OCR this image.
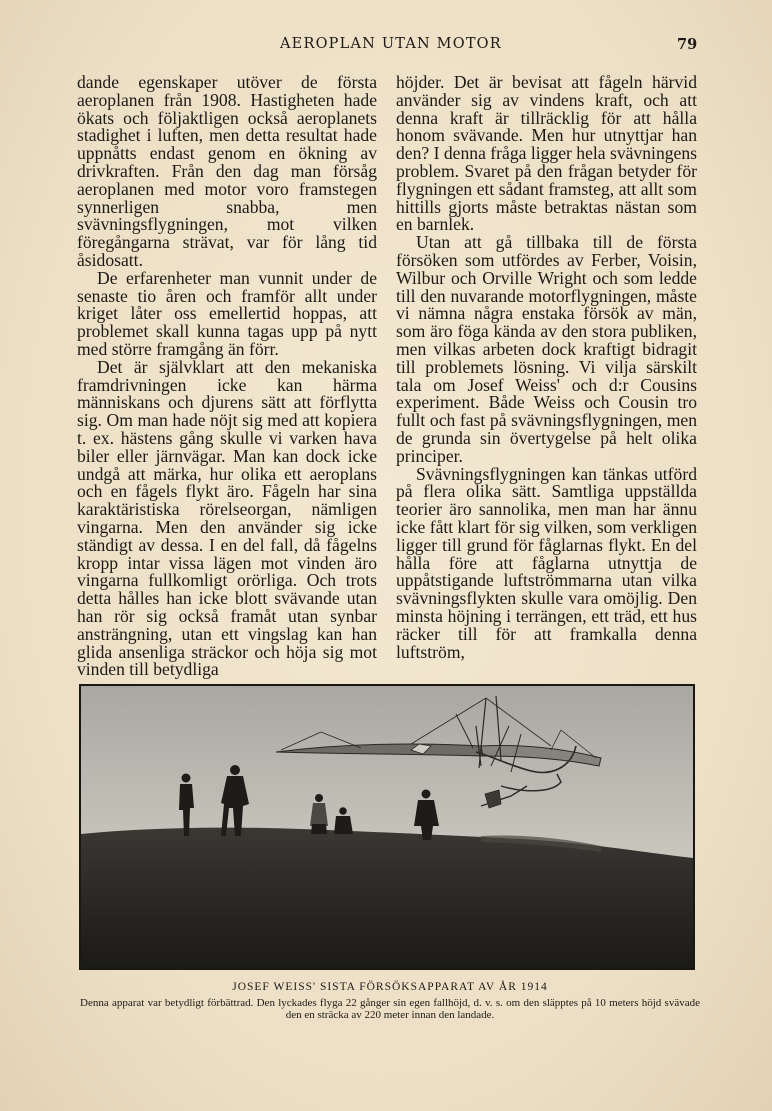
AEROPLAN UTAN MOTOR	79

dande egenskaper utöver de första aeroplanen från 1908. Hastigheten hade ökats och följaktligen också aeroplanets stadighet i luften, men detta resultat hade uppnåtts endast genom en ökning av drivkraften. Från den dag man försåg aeroplanen med motor voro framstegen synnerligen snabba, men svävningsflygningen, mot vilken föregångarna strävat, var för lång tid åsidosatt.

De erfarenheter man vunnit under de senaste tio åren och framför allt under kriget låter oss emellertid hoppas, att problemet skall kunna tagas upp på nytt med större framgång än förr.

Det är självklart att den mekaniska framdrivningen icke kan härma människans och djurens sätt att förflytta sig. Om man hade nöjt sig med att kopiera t. ex. hästens gång skulle vi varken hava biler eller järnvägar. Man kan dock icke undgå att märka, hur olika ett aeroplans och en fågels flykt äro. Fågeln har sina karaktäristiska rörelseorgan, nämligen vingarna. Men den använder sig icke ständigt av dessa. I en del fall, då fågelns kropp intar vissa lägen mot vinden äro vingarna fullkomligt orörliga. Och trots detta hålles han icke blott svävande utan han rör sig också framåt utan synbar ansträngning, utan ett vingslag kan han glida ansenliga sträckor och höja sig mot vinden till betydliga

höjder. Det är bevisat att fågeln härvid använder sig av vindens kraft, och att denna kraft är tillräcklig för att hålla honom svävande. Men hur utnyttjar han den? I denna fråga ligger hela svävningens problem. Svaret på den frågan betyder för flygningen ett sådant framsteg, att allt som hittills gjorts måste betraktas nästan som en barnlek.

Utan att gå tillbaka till de första försöken som utfördes av Ferber, Voisin, Wilbur och Orville Wright och som ledde till den nuvarande motorflygningen, måste vi nämna några enstaka försök av män, som äro föga kända av den stora publiken, men vilkas arbeten dock kraftigt bidragit till problemets lösning. Vi vilja särskilt tala om Josef Weiss' och d:r Cousins experiment. Både Weiss och Cousin tro fullt och fast på svävningsflygningen, men de grunda sin övertygelse på helt olika principer.

Svävningsflygningen kan tänkas utförd på flera olika sätt. Samtliga uppställda teorier äro sannolika, men man har ännu icke fått klart för sig vilken, som verkligen ligger till grund för fåglarnas flykt. En del hålla före att fåglarna utnyttja de uppåtstigande luftströmmarna utan vilka svävningsflykten skulle vara omöjlig. Den minsta höjning i terrängen, ett träd, ett hus räcker till för att framkalla denna luftström,

JOSEF WEISS' SISTA FÖRSÖKSAPPARAT AV ÅR 1914

Denna apparat var betydligt förbättrad. Den lyckades flyga 22 gånger sin egen fallhöjd, d. v. s. om den släpptes på 10 meters höjd svävade den en sträcka av 220 meter innan den landade.
